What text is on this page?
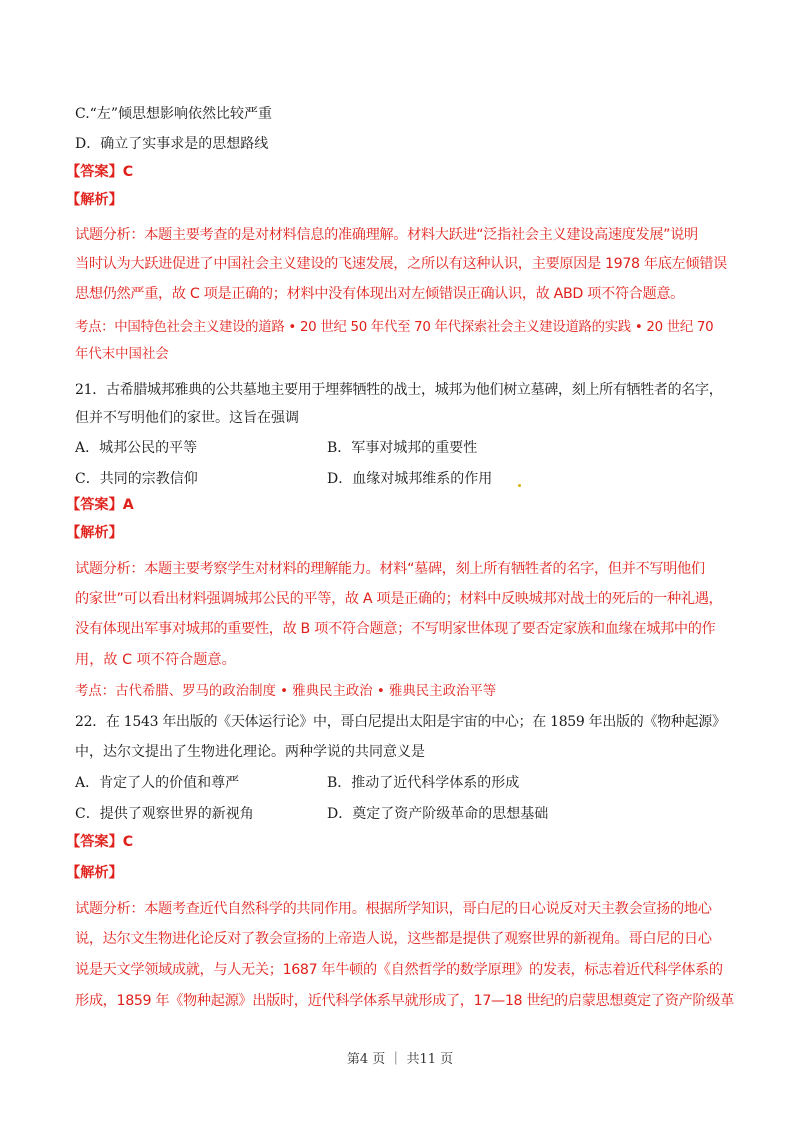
C.“左”倾思想影响依然比较严重
D．确立了实事求是的思想路线
【答案】C
【解析】
试题分析：本题主要考查的是对材料信息的准确理解。材料大跃进“泛指社会主义建设高速度发展”说明
当时认为大跃进促进了中国社会主义建设的飞速发展，之所以有这种认识，主要原因是 1978 年底左倾错误
思想仍然严重，故 C 项是正确的；材料中没有体现出对左倾错误正确认识，故 ABD 项不符合题意。
考点：中国特色社会主义建设的道路 • 20 世纪 50 年代至 70 年代探索社会主义建设道路的实践 • 20 世纪 70
年代末中国社会
21．古希腊城邦雅典的公共墓地主要用于埋葬牺牲的战士，城邦为他们树立墓碑，刻上所有牺牲者的名字，
但并不写明他们的家世。这旨在强调
A．城邦公民的平等	B．军事对城邦的重要性
C．共同的宗教信仰	D．血缘对城邦维系的作用
【答案】A
【解析】
试题分析：本题主要考察学生对材料的理解能力。材料“墓碑，刻上所有牺牲者的名字，但并不写明他们
的家世”可以看出材料强调城邦公民的平等，故 A 项是正确的；材料中反映城邦对战士的死后的一种礼遇，
没有体现出军事对城邦的重要性，故 B 项不符合题意；不写明家世体现了要否定家族和血缘在城邦中的作
用，故 C 项不符合题意。
考点：古代希腊、罗马的政治制度 • 雅典民主政治 • 雅典民主政治平等
22．在 1543 年出版的《天体运行论》中，哥白尼提出太阳是宇宙的中心；在 1859 年出版的《物种起源》
中，达尔文提出了生物进化理论。两种学说的共同意义是
A．肯定了人的价值和尊严	B．推动了近代科学体系的形成
C．提供了观察世界的新视角	D．奠定了资产阶级革命的思想基础
【答案】C
【解析】
试题分析：本题考查近代自然科学的共同作用。根据所学知识，哥白尼的日心说反对天主教会宣扬的地心
说，达尔文生物进化论反对了教会宣扬的上帝造人说，这些都是提供了观察世界的新视角。哥白尼的日心
说是天文学领域成就，与人无关；1687 年牛顿的《自然哲学的数学原理》的发表，标志着近代科学体系的
形成，1859 年《物种起源》出版时，近代科学体系早就形成了，17—18 世纪的启蒙思想奠定了资产阶级革
第4 页 ｜ 共11 页
